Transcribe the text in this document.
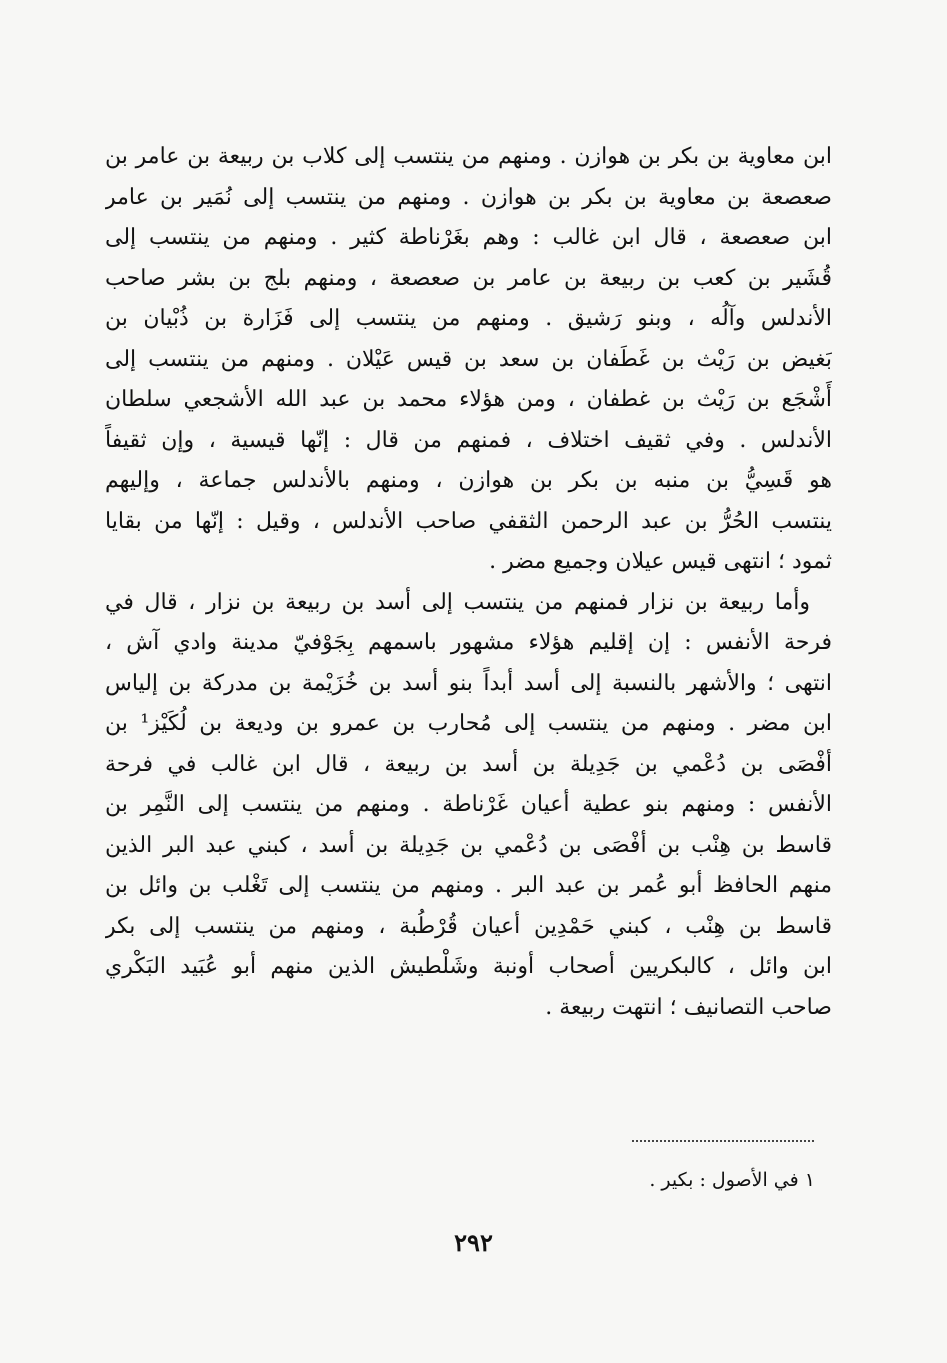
ابن معاوية بن بكر بن هوازن . ومنهم من ينتسب إلى كلاب بن ربيعة بن عامر بن
صعصعة بن معاوية بن بكر بن هوازن . ومنهم من ينتسب إلى نُمَير بن عامر
ابن صعصعة ، قال ابن غالب : وهم بغَرْناطة كثير . ومنهم من ينتسب إلى
قُشَير بن كعب بن ربيعة بن عامر بن صعصعة ، ومنهم بلج بن بشر صاحب
الأندلس وآلُه ، وبنو رَشيق . ومنهم من ينتسب إلى فَزَارة بن ذُبْيان بن
بَغيض بن رَيْث بن غَطَفان بن سعد بن قيس عَيْلان . ومنهم من ينتسب إلى
أَشْجَع بن رَيْث بن غطفان ، ومن هؤلاء محمد بن عبد الله الأشجعي سلطان
الأندلس . وفي ثقيف اختلاف ، فمنهم من قال : إنّها قيسية ، وإن ثقيفاً
هو قَسِيُّ بن منبه بن بكر بن هوازن ، ومنهم بالأندلس جماعة ، وإليهم
ينتسب الحُرُّ بن عبد الرحمن الثقفي صاحب الأندلس ، وقيل : إنّها من بقايا
ثمود ؛ انتهى قيس عيلان وجميع مضر .
وأما ربيعة بن نزار فمنهم من ينتسب إلى أسد بن ربيعة بن نزار ، قال في
فرحة الأنفس : إن إقليم هؤلاء مشهور باسمهم بِجَوْفيّ مدينة وادي آش ،
انتهى ؛ والأشهر بالنسبة إلى أسد أبداً بنو أسد بن خُزَيْمة بن مدركة بن إلياس
ابن مضر . ومنهم من ينتسب إلى مُحارب بن عمرو بن وديعة بن لُكَيْز¹ بن
أفْصَى بن دُعْمي بن جَدِيلة بن أسد بن ربيعة ، قال ابن غالب في فرحة
الأنفس : ومنهم بنو عطية أعيان غَرْناطة . ومنهم من ينتسب إلى النَّمِر بن
قاسط بن هِنْب بن أفْصَى بن دُعْمي بن جَدِيلة بن أسد ، كبني عبد البر الذين
منهم الحافظ أبو عُمر بن عبد البر . ومنهم من ينتسب إلى تَغْلب بن وائل بن
قاسط بن هِنْب ، كبني حَمْدِين أعيان قُرْطُبة ، ومنهم من ينتسب إلى بكر
ابن وائل ، كالبكريين أصحاب أونبة وشَلْطيش الذين منهم أبو عُبَيد البَكْري
صاحب التصانيف ؛ انتهت ربيعة .
١ في الأصول : بكير .
٢٩٢
